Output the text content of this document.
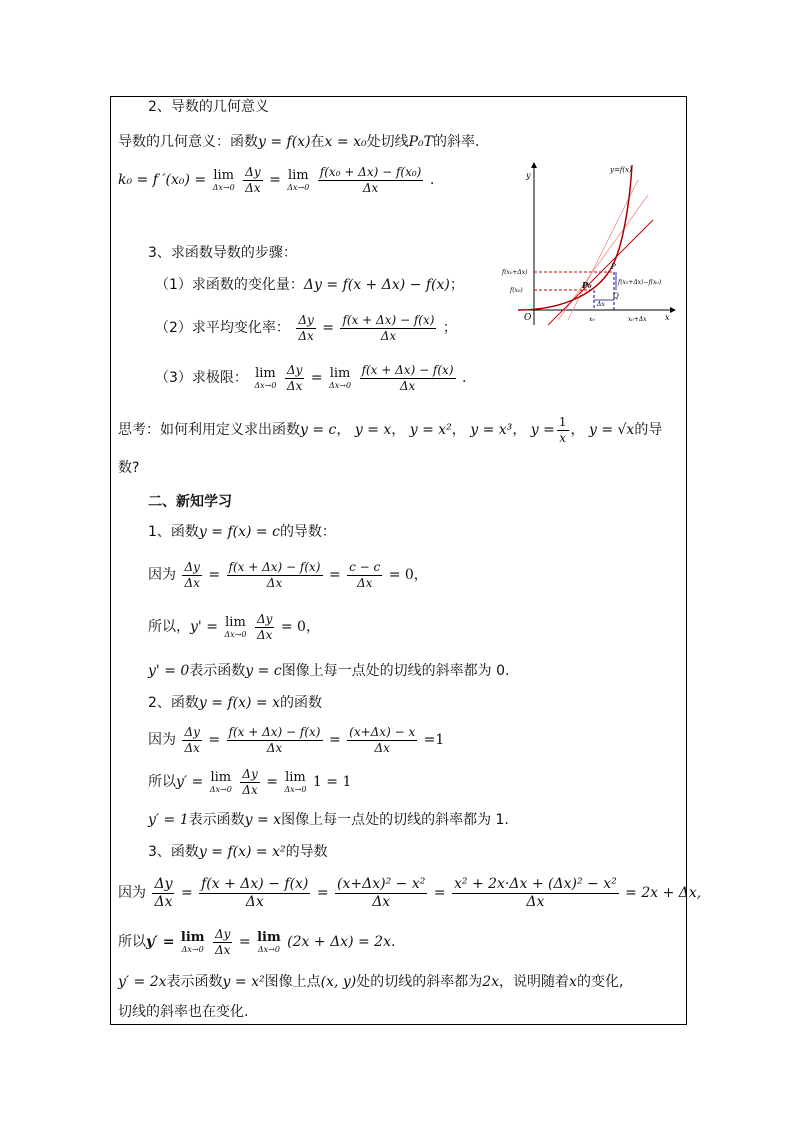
2、导数的几何意义
导数的几何意义：函数y = f(x)在x = x₀处切线P₀T的斜率.
k₀ = f ′(x₀) = lim
Δx→0
$\frac{\Delta y}{\Delta x} = \lim$
Δx→0
$\frac{\text{f(x₀ + Δx) − f(x₀)}}{\Delta x}$ .	y
x
O
y=f(x)
f(x₀+Δx)
f(x₀)
P₀
P
Q
f(x₀+Δx)−f(x₀)
Δx
x₀	x₀+Δx
3、求函数导数的步骤：
（1）求函数的变化量：Δy = f(x + Δx) − f(x)；
（2）求平均变化率： $\frac{\Delta y}{\Delta x} = \frac{f(x + \Delta x) - f(x)}{\Delta x}$ ；
（3）求极限： lim
Δx→0
$\frac{\Delta y}{\Delta x} = \lim$
Δx→0
$\frac{f(x + \Delta x) - f(x)}{\Delta x}$ .
思考：如何利用定义求出函数y = c， y = x， y = x²， y = x³， $y = \frac{1}{x}$ ， y = √x的导
数?
二、新知学习
1、函数y = f(x) = c的导数：
因为 $\frac{\Delta y}{\Delta x} = \frac{f(x + \Delta x) - f(x)}{\Delta x} = \frac{c - c}{\Delta x} = 0$，
所以，y' = lim
Δx→0
$\frac{\Delta y}{\Delta x} = 0$，
y' = 0表示函数y = c图像上每一点处的切线的斜率都为 0.
2、函数y = f(x) = x的函数
因为 $\frac{\Delta y}{\Delta x} = \frac{f(x + \Delta x) - f(x)}{\Delta x} = \frac{(x+\Delta x) - x}{\Delta x} =1$
所以y′ = lim
Δx→0
$\frac{\Delta y}{\Delta x} = \lim$
Δx→0 1 = 1
y′ = 1表示函数y = x图像上每一点处的切线的斜率都为 1.
3、函数y = f(x) = x²的导数
因为 $\frac{\Delta y}{\Delta x} = \frac{f(x + \Delta x) - f(x)}{\Delta x} = \frac{\text{(x+Δx)² − x²}}{\Delta x} = \frac{\text{x² + 2x·Δx + (Δx)² − x²}}{\Delta x} = 2x + \Delta x$,
所以y′ = lim
Δx→0
$\frac{\Delta y}{\Delta x} = \lim$
Δx→0 (2x + Δx) = 2x.
y′ = 2x表示函数y = x²图像上点(x, y)处的切线的斜率都为2x，说明随着x的变化,
切线的斜率也在变化.
